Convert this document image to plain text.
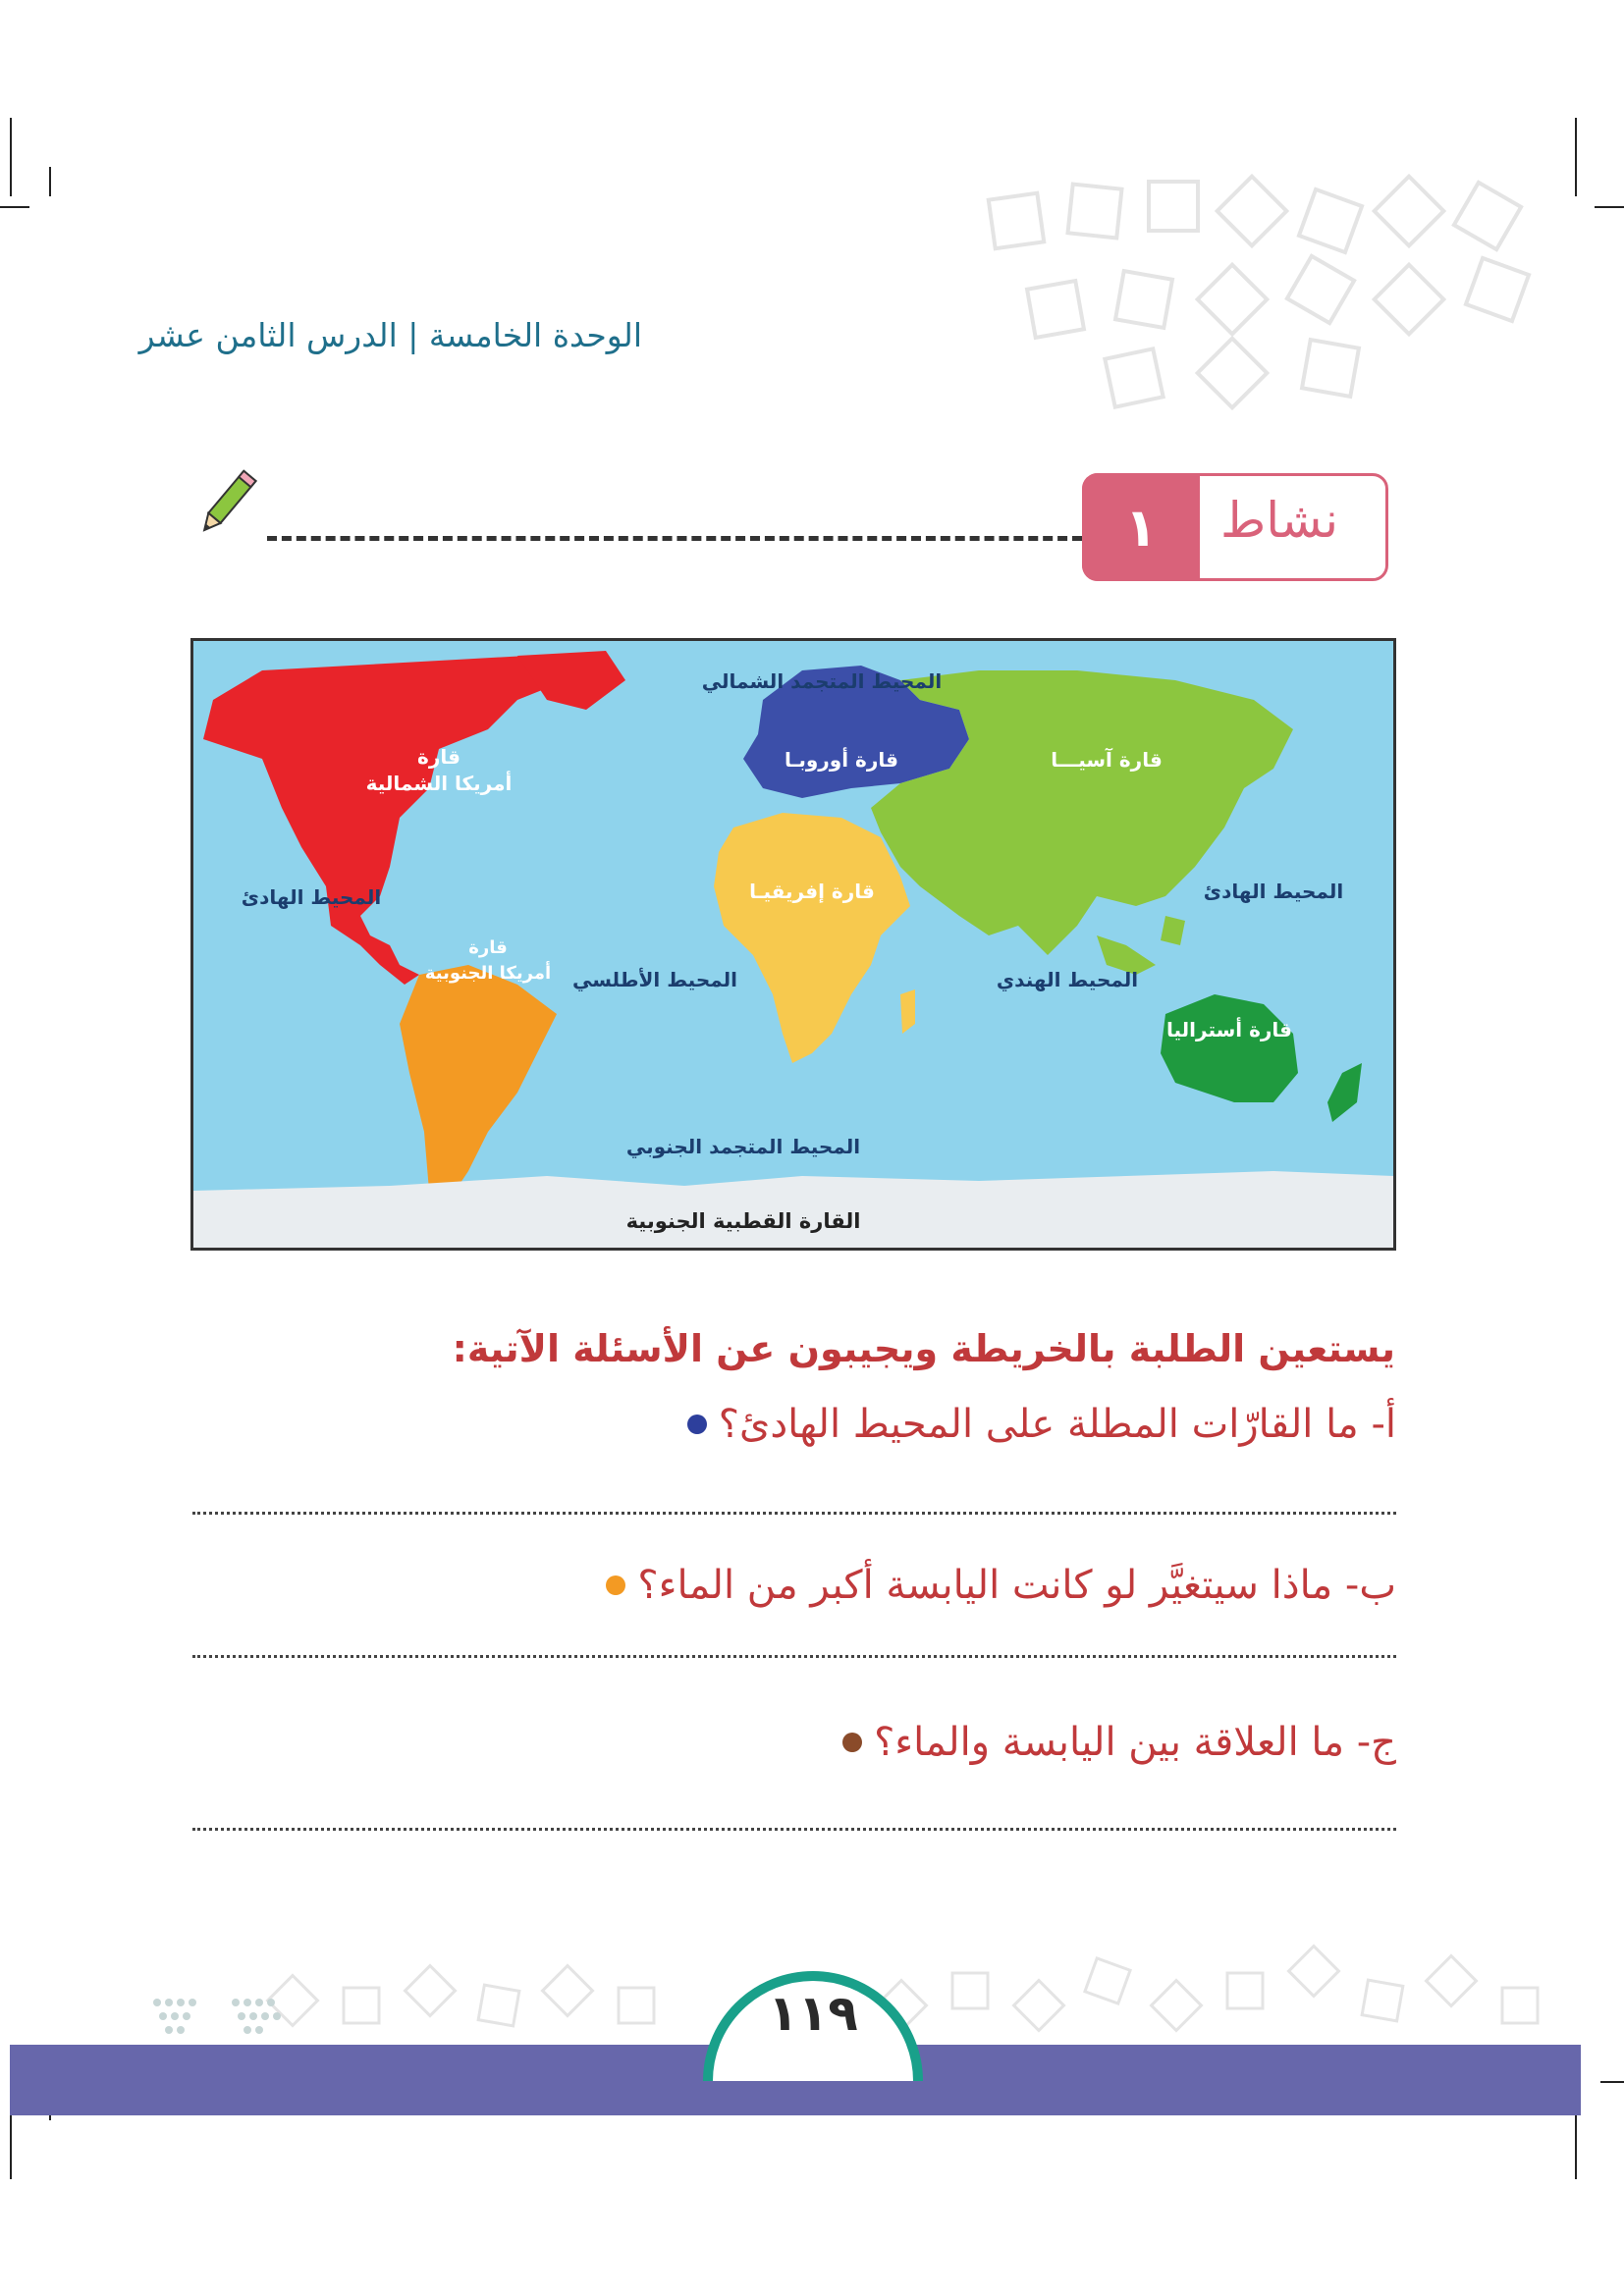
الوحدة الخامسة | الدرس الثامن عشر
١	نشاط
المحيط المتجمد الشمالي
قارة أوروبـا	قارة آسيـــا
قارة
أمريكا الشمالية
المحيط الهادئ	المحيط الهادئ
قارة إفريقيـا
قارة
أمريكا الجنوبية المحيط الأطلسي	المحيط الهندي
قارة أستراليا
المحيط المتجمد الجنوبي
القارة القطبية الجنوبية
يستعين الطلبة بالخريطة ويجيبون عن الأسئلة الآتية:
أ- ما القارّات المطلة على المحيط الهادئ؟
ب- ماذا سيتغيَّر لو كانت اليابسة أكبر من الماء؟
ج- ما العلاقة بين اليابسة والماء؟
١١٩
